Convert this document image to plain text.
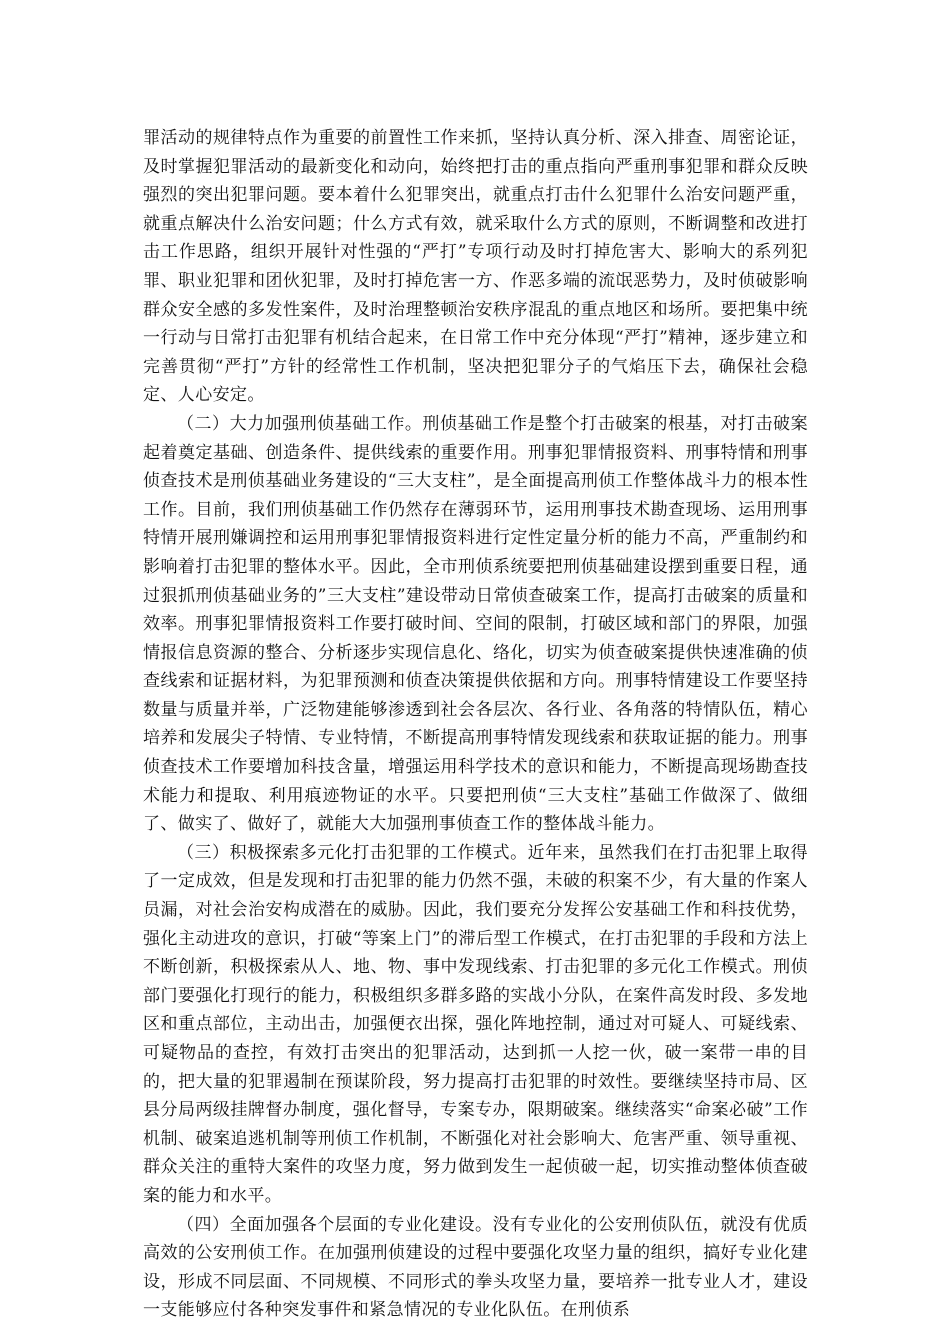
罪活动的规律特点作为重要的前置性工作来抓，坚持认真分析、深入排查、周密论证，及时掌握犯罪活动的最新变化和动向，始终把打击的重点指向严重刑事犯罪和群众反映强烈的突出犯罪问题。要本着什么犯罪突出，就重点打击什么犯罪什么治安问题严重，就重点解决什么治安问题；什么方式有效，就采取什么方式的原则，不断调整和改进打击工作思路，组织开展针对性强的“严打”专项行动及时打掉危害大、影响大的系列犯罪、职业犯罪和团伙犯罪，及时打掉危害一方、作恶多端的流氓恶势力，及时侦破影响群众安全感的多发性案件，及时治理整顿治安秩序混乱的重点地区和场所。要把集中统一行动与日常打击犯罪有机结合起来，在日常工作中充分体现“严打”精神，逐步建立和完善贯彻“严打”方针的经常性工作机制，坚决把犯罪分子的气焰压下去，确保社会稳定、人心安定。

（二）大力加强刑侦基础工作。刑侦基础工作是整个打击破案的根基，对打击破案起着奠定基础、创造条件、提供线索的重要作用。刑事犯罪情报资料、刑事特情和刑事侦查技术是刑侦基础业务建设的“三大支柱”，是全面提高刑侦工作整体战斗力的根本性工作。目前，我们刑侦基础工作仍然存在薄弱环节，运用刑事技术勘查现场、运用刑事特情开展刑嫌调控和运用刑事犯罪情报资料进行定性定量分析的能力不高，严重制约和影响着打击犯罪的整体水平。因此，全市刑侦系统要把刑侦基础建设摆到重要日程，通过狠抓刑侦基础业务的”三大支柱”建设带动日常侦查破案工作，提高打击破案的质量和效率。刑事犯罪情报资料工作要打破时间、空间的限制，打破区域和部门的界限，加强情报信息资源的整合、分析逐步实现信息化、络化，切实为侦查破案提供快速准确的侦查线索和证据材料，为犯罪预测和侦查决策提供依据和方向。刑事特情建设工作要坚持数量与质量并举，广泛物建能够渗透到社会各层次、各行业、各角落的特情队伍，精心培养和发展尖子特情、专业特情，不断提高刑事特情发现线索和获取证据的能力。刑事侦查技术工作要增加科技含量，增强运用科学技术的意识和能力，不断提高现场勘查技术能力和提取、利用痕迹物证的水平。只要把刑侦“三大支柱”基础工作做深了、做细了、做实了、做好了，就能大大加强刑事侦查工作的整体战斗能力。

（三）积极探索多元化打击犯罪的工作模式。近年来，虽然我们在打击犯罪上取得了一定成效，但是发现和打击犯罪的能力仍然不强，未破的积案不少，有大量的作案人员漏，对社会治安构成潜在的威胁。因此，我们要充分发挥公安基础工作和科技优势，强化主动进攻的意识，打破“等案上门”的滞后型工作模式，在打击犯罪的手段和方法上不断创新，积极探索从人、地、物、事中发现线索、打击犯罪的多元化工作模式。刑侦部门要强化打现行的能力，积极组织多群多路的实战小分队，在案件高发时段、多发地区和重点部位，主动出击，加强便衣出探，强化阵地控制，通过对可疑人、可疑线索、可疑物品的查控，有效打击突出的犯罪活动，达到抓一人挖一伙，破一案带一串的目的，把大量的犯罪遏制在预谋阶段，努力提高打击犯罪的时效性。要继续坚持市局、区县分局两级挂牌督办制度，强化督导，专案专办，限期破案。继续落实“命案必破”工作机制、破案追逃机制等刑侦工作机制，不断强化对社会影响大、危害严重、领导重视、群众关注的重特大案件的攻坚力度，努力做到发生一起侦破一起，切实推动整体侦查破案的能力和水平。

（四）全面加强各个层面的专业化建设。没有专业化的公安刑侦队伍，就没有优质高效的公安刑侦工作。在加强刑侦建设的过程中要强化攻坚力量的组织，搞好专业化建设，形成不同层面、不同规模、不同形式的拳头攻坚力量，要培养一批专业人才，建设一支能够应付各种突发事件和紧急情况的专业化队伍。在刑侦系
